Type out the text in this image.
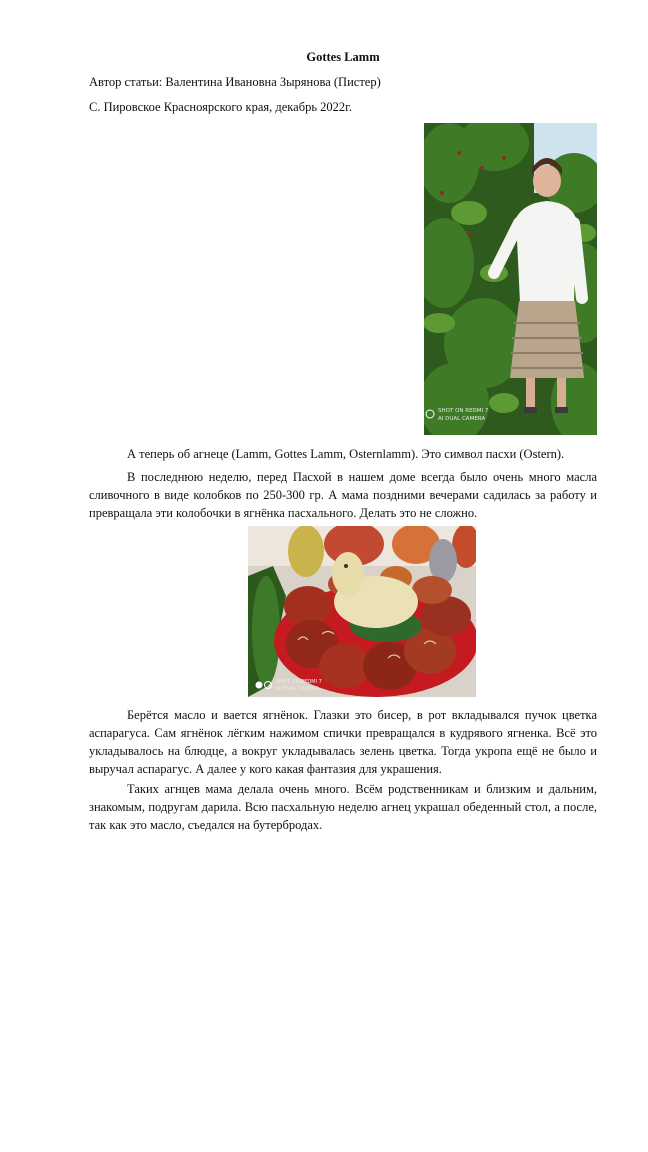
Gottes Lamm
Автор статьи: Валентина Ивановна Зырянова (Пистер)
С. Пировское Красноярского края, декабрь 2022г.
SHOT ON REDMI 7
AI DUAL CAMERA

А теперь об агнеце (Lamm, Gottes Lamm, Osternlamm). Это символ пасхи (Ostern).

В последнюю неделю, перед Пасхой в нашем доме всегда было очень много масла сливочного в виде колобков по 250-300 гр. А мама поздними вечерами садилась за работу и превращала эти колобочки в ягнёнка пасхального. Делать это не сложно.

SHOT ON REDMI 7
AI DUAL CAMERA

Берётся масло и вается ягнёнок. Глазки это бисер, в рот вкладывался пучок цветка аспарагуса. Сам ягнёнок лёгким нажимом спички превращался в кудрявого ягненка. Всё это укладывалось на блюдце, а вокруг укладывалась зелень цветка. Тогда укропа ещё не было и выручал аспарагус. А далее у кого какая фантазия для украшения.

Таких агнцев мама делала очень много. Всём родственникам и близким и дальним, знакомым, подругам дарила. Всю пасхальную неделю агнец украшал обеденный стол, а после, так как это масло, съедался на бутербродах.
